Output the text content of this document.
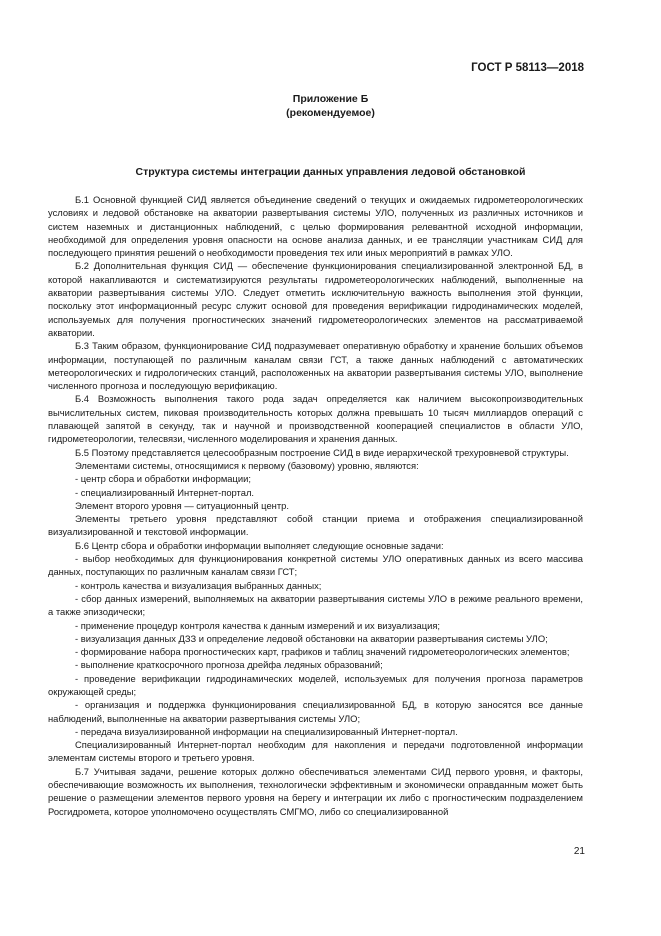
ГОСТ Р 58113—2018
Приложение Б
(рекомендуемое)
Структура системы интеграции данных управления ледовой обстановкой

Б.1 Основной функцией СИД является объединение сведений о текущих и ожидаемых гидрометеорологических условиях и ледовой обстановке на акватории развертывания системы УЛО, полученных из различных источников и систем наземных и дистанционных наблюдений, с целью формирования релевантной исходной информации, необходимой для определения уровня опасности на основе анализа данных, и ее трансляции участникам СИД для последующего принятия решений о необходимости проведения тех или иных мероприятий в рамках УЛО.

Б.2 Дополнительная функция СИД — обеспечение функционирования специализированной электронной БД, в которой накапливаются и систематизируются результаты гидрометеорологических наблюдений, выполненные на акватории развертывания системы УЛО. Следует отметить исключительную важность выполнения этой функции, поскольку этот информационный ресурс служит основой для проведения верификации гидродинамических моделей, используемых для получения прогностических значений гидрометеорологических элементов на рассматриваемой акватории.

Б.3 Таким образом, функционирование СИД подразумевает оперативную обработку и хранение больших объемов информации, поступающей по различным каналам связи ГСТ, а также данных наблюдений с автоматических метеорологических и гидрологических станций, расположенных на акватории развертывания системы УЛО, выполнение численного прогноза и последующую верификацию.

Б.4 Возможность выполнения такого рода задач определяется как наличием высокопроизводительных вычислительных систем, пиковая производительность которых должна превышать 10 тысяч миллиардов операций с плавающей запятой в секунду, так и научной и производственной кооперацией специалистов в области УЛО, гидрометеорологии, телесвязи, численного моделирования и хранения данных.

Б.5 Поэтому представляется целесообразным построение СИД в виде иерархической трехуровневой структуры.

Элементами системы, относящимися к первому (базовому) уровню, являются:

- центр сбора и обработки информации;

- специализированный Интернет-портал.

Элемент второго уровня — ситуационный центр.

Элементы третьего уровня представляют собой станции приема и отображения специализированной визуализированной и текстовой информации.

Б.6 Центр сбора и обработки информации выполняет следующие основные задачи:

- выбор необходимых для функционирования конкретной системы УЛО оперативных данных из всего массива данных, поступающих по различным каналам связи ГСТ;

- контроль качества и визуализация выбранных данных;

- сбор данных измерений, выполняемых на акватории развертывания системы УЛО в режиме реального времени, а также эпизодически;

- применение процедур контроля качества к данным измерений и их визуализация;

- визуализация данных ДЗЗ и определение ледовой обстановки на акватории развертывания системы УЛО;

- формирование набора прогностических карт, графиков и таблиц значений гидрометеорологических элементов;

- выполнение краткосрочного прогноза дрейфа ледяных образований;

- проведение верификации гидродинамических моделей, используемых для получения прогноза параметров окружающей среды;

- организация и поддержка функционирования специализированной БД, в которую заносятся все данные наблюдений, выполненные на акватории развертывания системы УЛО;

- передача визуализированной информации на специализированный Интернет-портал.

Специализированный Интернет-портал необходим для накопления и передачи подготовленной информации элементам системы второго и третьего уровня.

Б.7 Учитывая задачи, решение которых должно обеспечиваться элементами СИД первого уровня, и факторы, обеспечивающие возможность их выполнения, технологически эффективным и экономически оправданным может быть решение о размещении элементов первого уровня на берегу и интеграции их либо с прогностическим подразделением Росгидромета, которое уполномочено осуществлять СМГМО, либо со специализированной

21
